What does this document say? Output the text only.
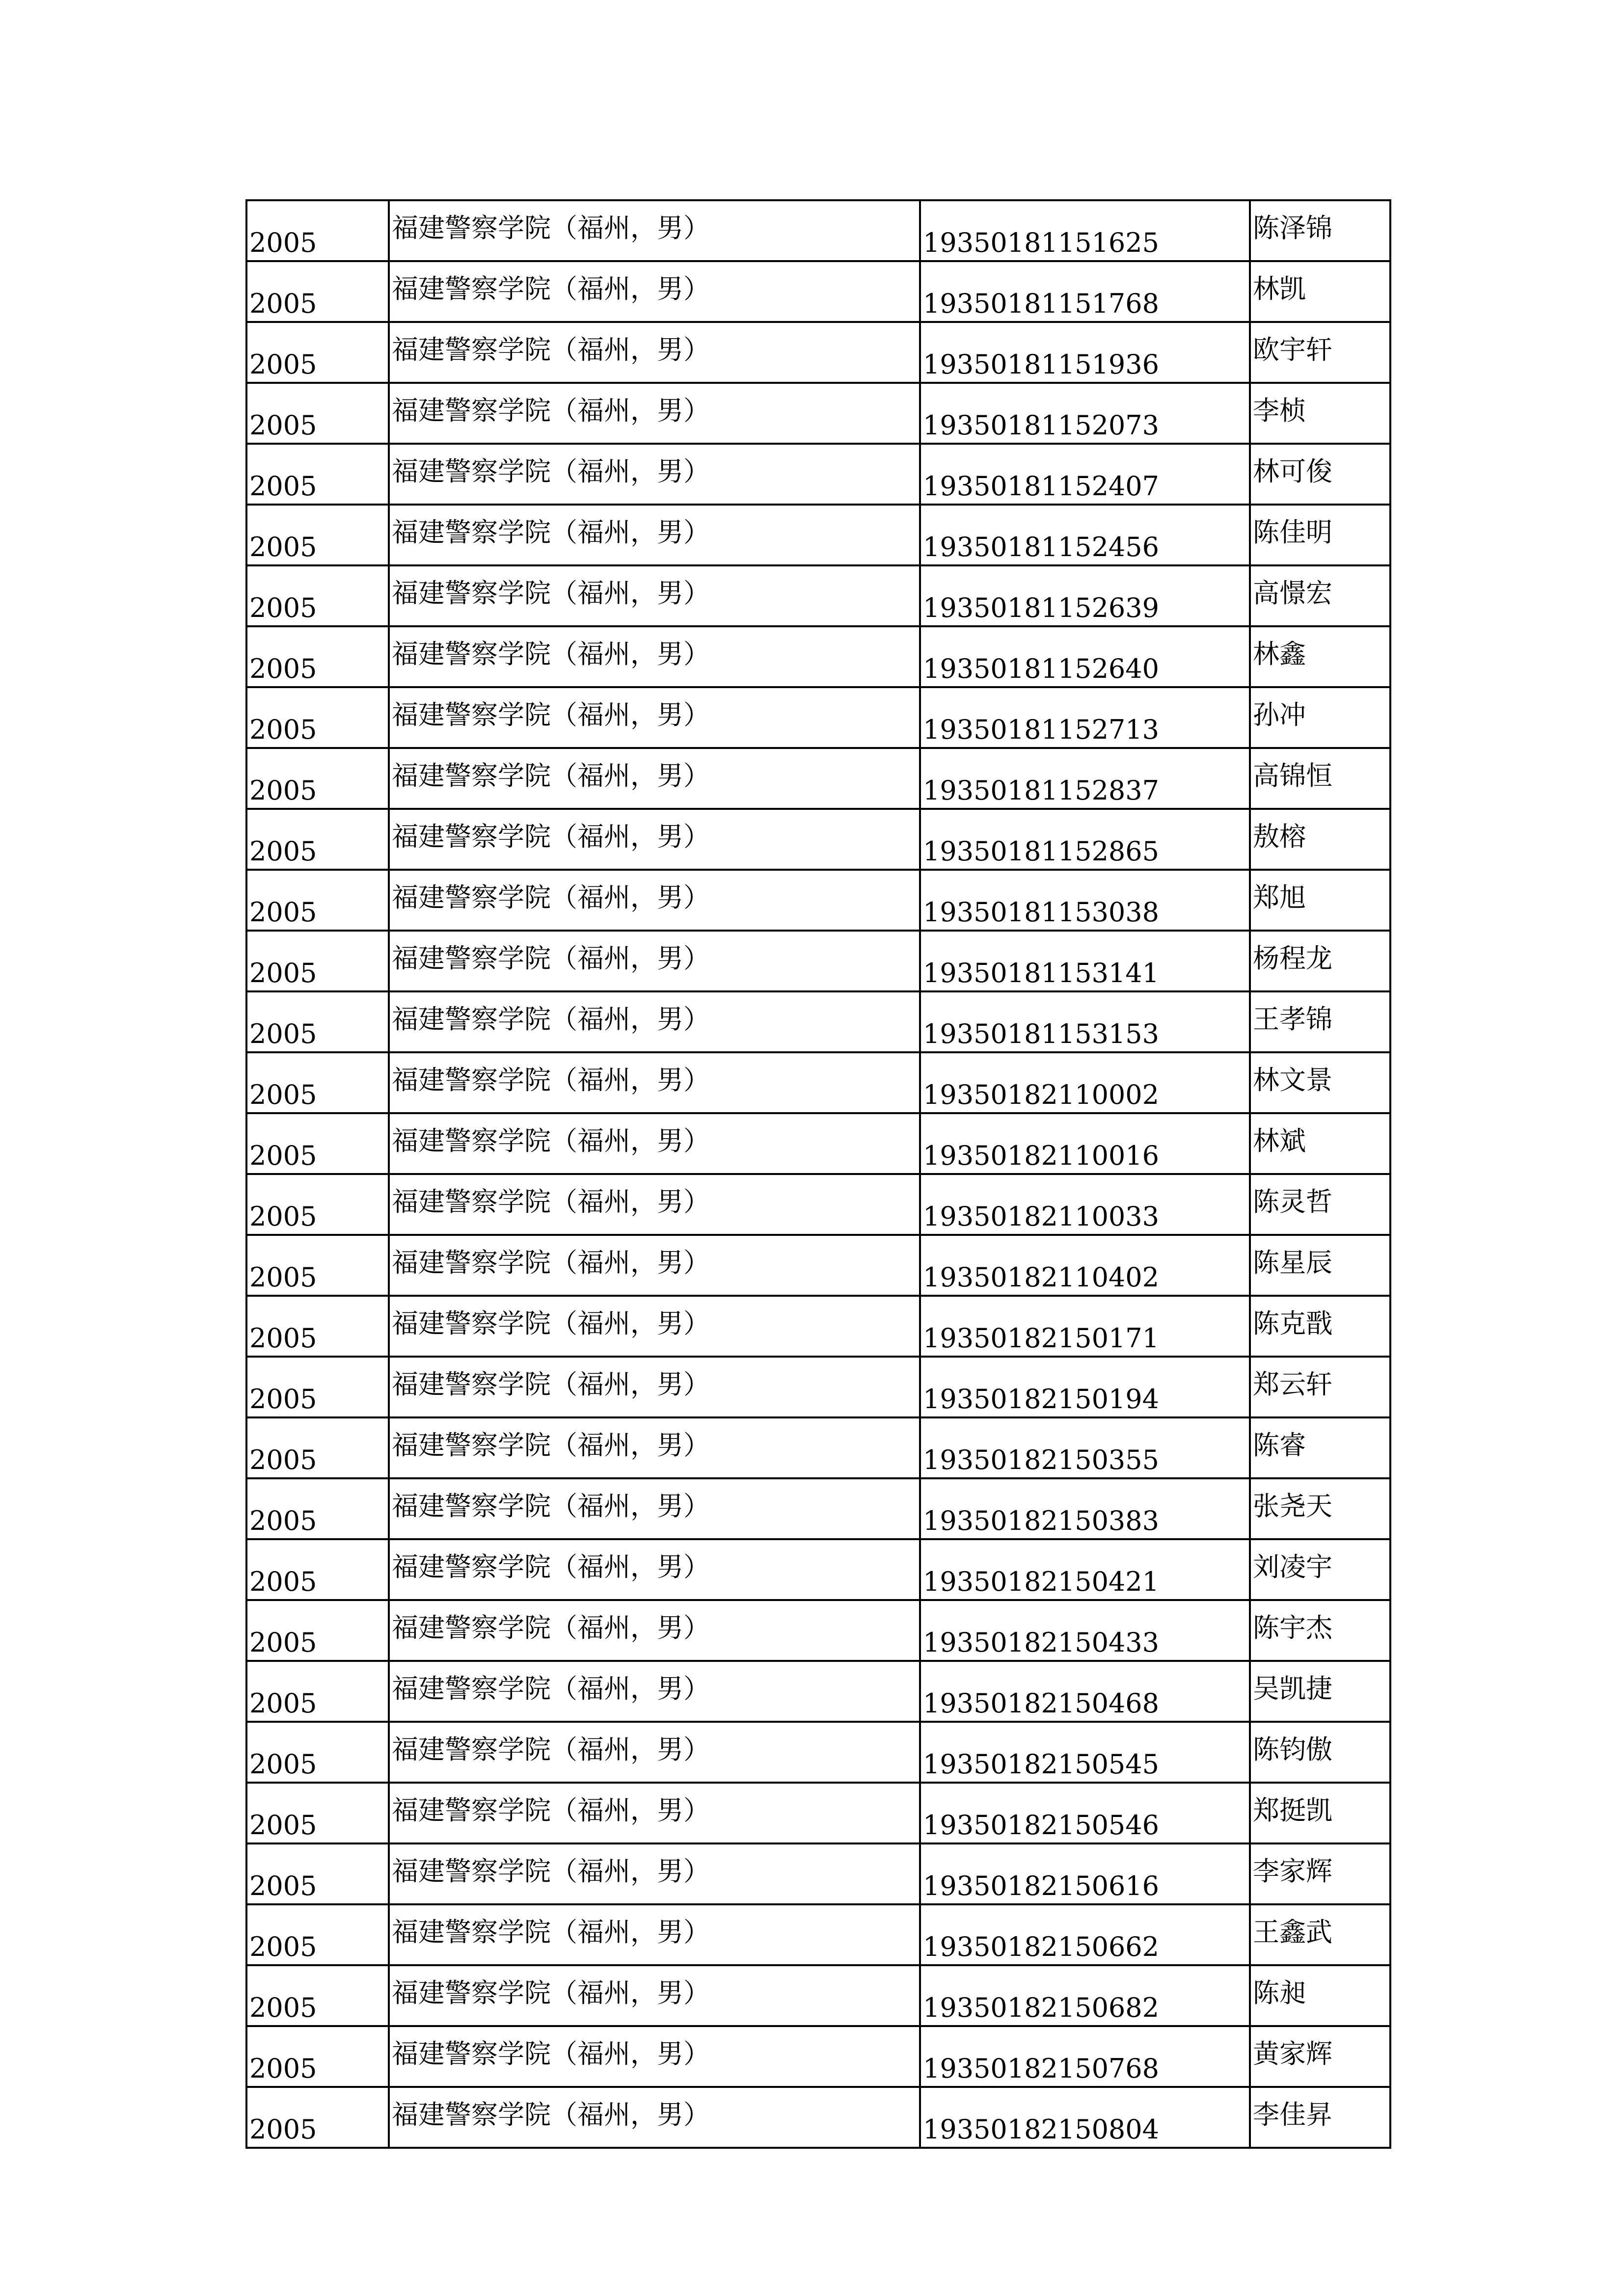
2005	福建警察学院（福州，男）	19350181151625	陈泽锦
2005	福建警察学院（福州，男）	19350181151768	林凯
2005	福建警察学院（福州，男）	19350181151936	欧宇轩
2005	福建警察学院（福州，男）	19350181152073	李桢
2005	福建警察学院（福州，男）	19350181152407	林可俊
2005	福建警察学院（福州，男）	19350181152456	陈佳明
2005	福建警察学院（福州，男）	19350181152639	高憬宏
2005	福建警察学院（福州，男）	19350181152640	林鑫
2005	福建警察学院（福州，男）	19350181152713	孙冲
2005	福建警察学院（福州，男）	19350181152837	高锦恒
2005	福建警察学院（福州，男）	19350181152865	敖榕
2005	福建警察学院（福州，男）	19350181153038	郑旭
2005	福建警察学院（福州，男）	19350181153141	杨程龙
2005	福建警察学院（福州，男）	19350181153153	王孝锦
2005	福建警察学院（福州，男）	19350182110002	林文景
2005	福建警察学院（福州，男）	19350182110016	林斌
2005	福建警察学院（福州，男）	19350182110033	陈灵哲
2005	福建警察学院（福州，男）	19350182110402	陈星辰
2005	福建警察学院（福州，男）	19350182150171	陈克戬
2005	福建警察学院（福州，男）	19350182150194	郑云轩
2005	福建警察学院（福州，男）	19350182150355	陈睿
2005	福建警察学院（福州，男）	19350182150383	张尧天
2005	福建警察学院（福州，男）	19350182150421	刘凌宇
2005	福建警察学院（福州，男）	19350182150433	陈宇杰
2005	福建警察学院（福州，男）	19350182150468	吴凯捷
2005	福建警察学院（福州，男）	19350182150545	陈钧傲
2005	福建警察学院（福州，男）	19350182150546	郑挺凯
2005	福建警察学院（福州，男）	19350182150616	李家辉
2005	福建警察学院（福州，男）	19350182150662	王鑫武
2005	福建警察学院（福州，男）	19350182150682	陈昶
2005	福建警察学院（福州，男）	19350182150768	黄家辉
2005	福建警察学院（福州，男）	19350182150804	李佳昇
